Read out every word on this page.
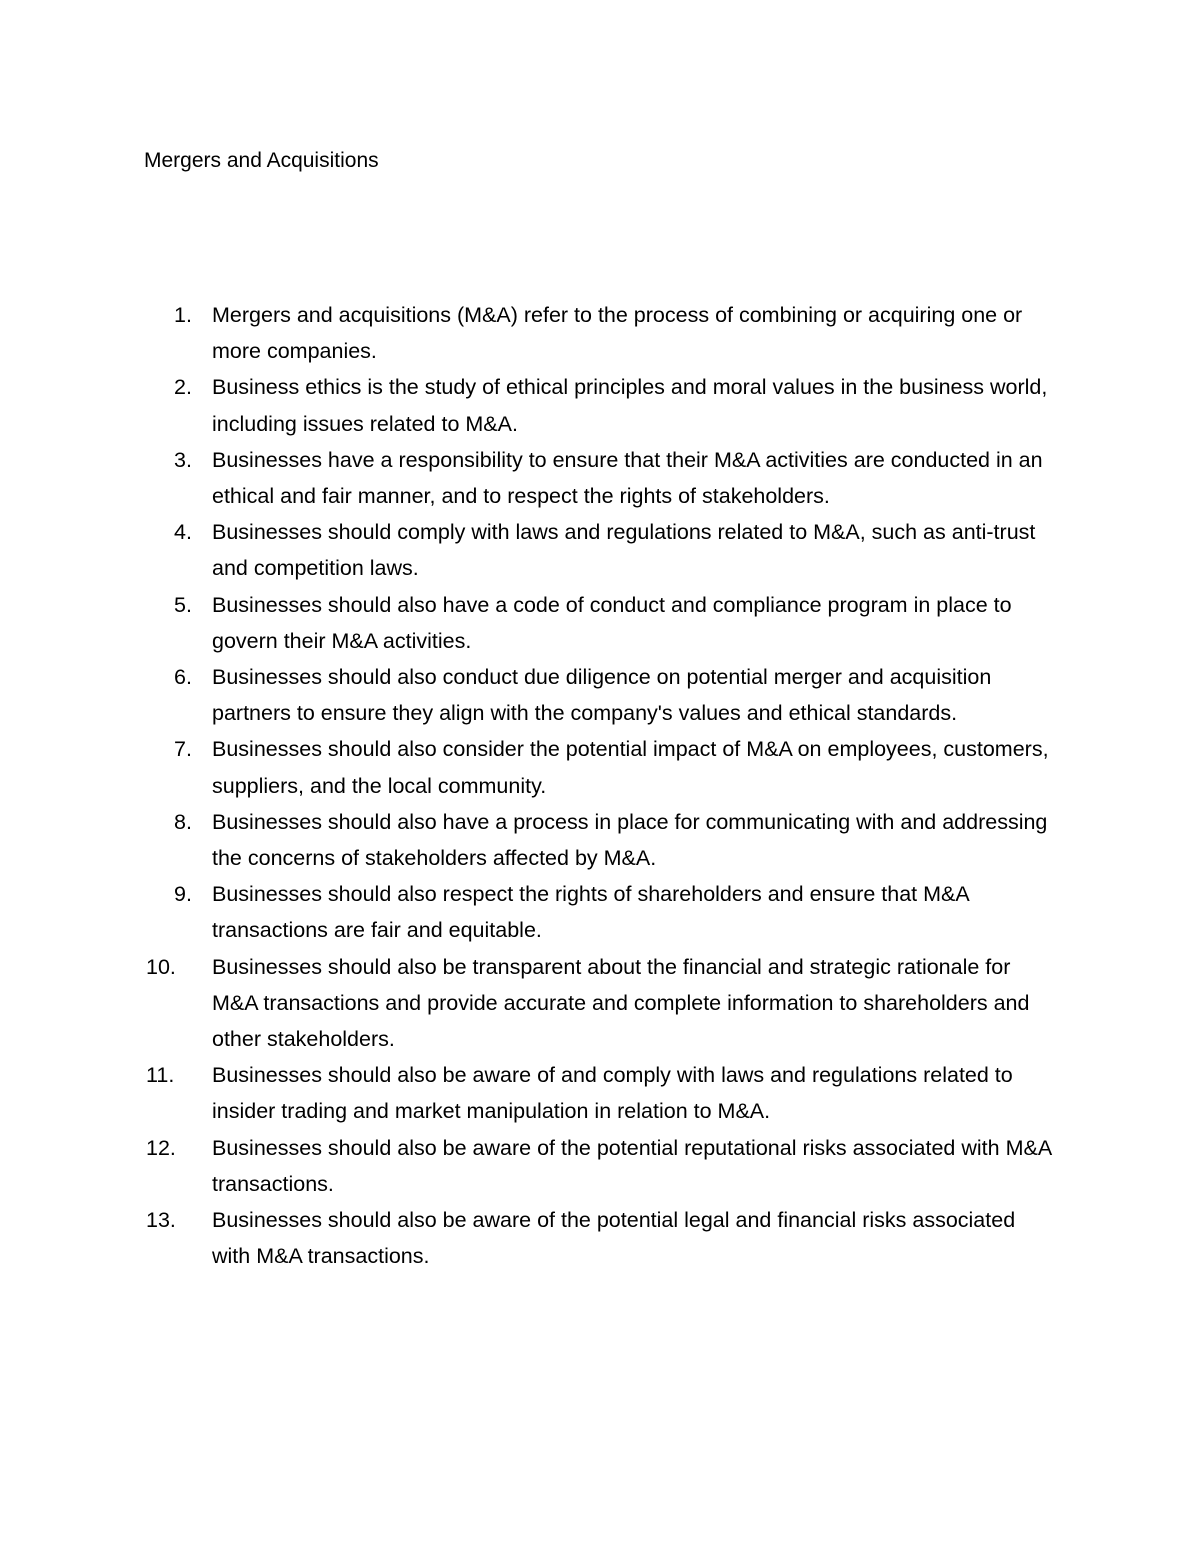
Mergers and Acquisitions
1. Mergers and acquisitions (M&A) refer to the process of combining or acquiring one or more companies.
2. Business ethics is the study of ethical principles and moral values in the business world, including issues related to M&A.
3. Businesses have a responsibility to ensure that their M&A activities are conducted in an ethical and fair manner, and to respect the rights of stakeholders.
4. Businesses should comply with laws and regulations related to M&A, such as anti-trust and competition laws.
5. Businesses should also have a code of conduct and compliance program in place to govern their M&A activities.
6. Businesses should also conduct due diligence on potential merger and acquisition partners to ensure they align with the company's values and ethical standards.
7. Businesses should also consider the potential impact of M&A on employees, customers, suppliers, and the local community.
8. Businesses should also have a process in place for communicating with and addressing the concerns of stakeholders affected by M&A.
9. Businesses should also respect the rights of shareholders and ensure that M&A transactions are fair and equitable.
10. Businesses should also be transparent about the financial and strategic rationale for M&A transactions and provide accurate and complete information to shareholders and other stakeholders.
11. Businesses should also be aware of and comply with laws and regulations related to insider trading and market manipulation in relation to M&A.
12. Businesses should also be aware of the potential reputational risks associated with M&A transactions.
13. Businesses should also be aware of the potential legal and financial risks associated with M&A transactions.
